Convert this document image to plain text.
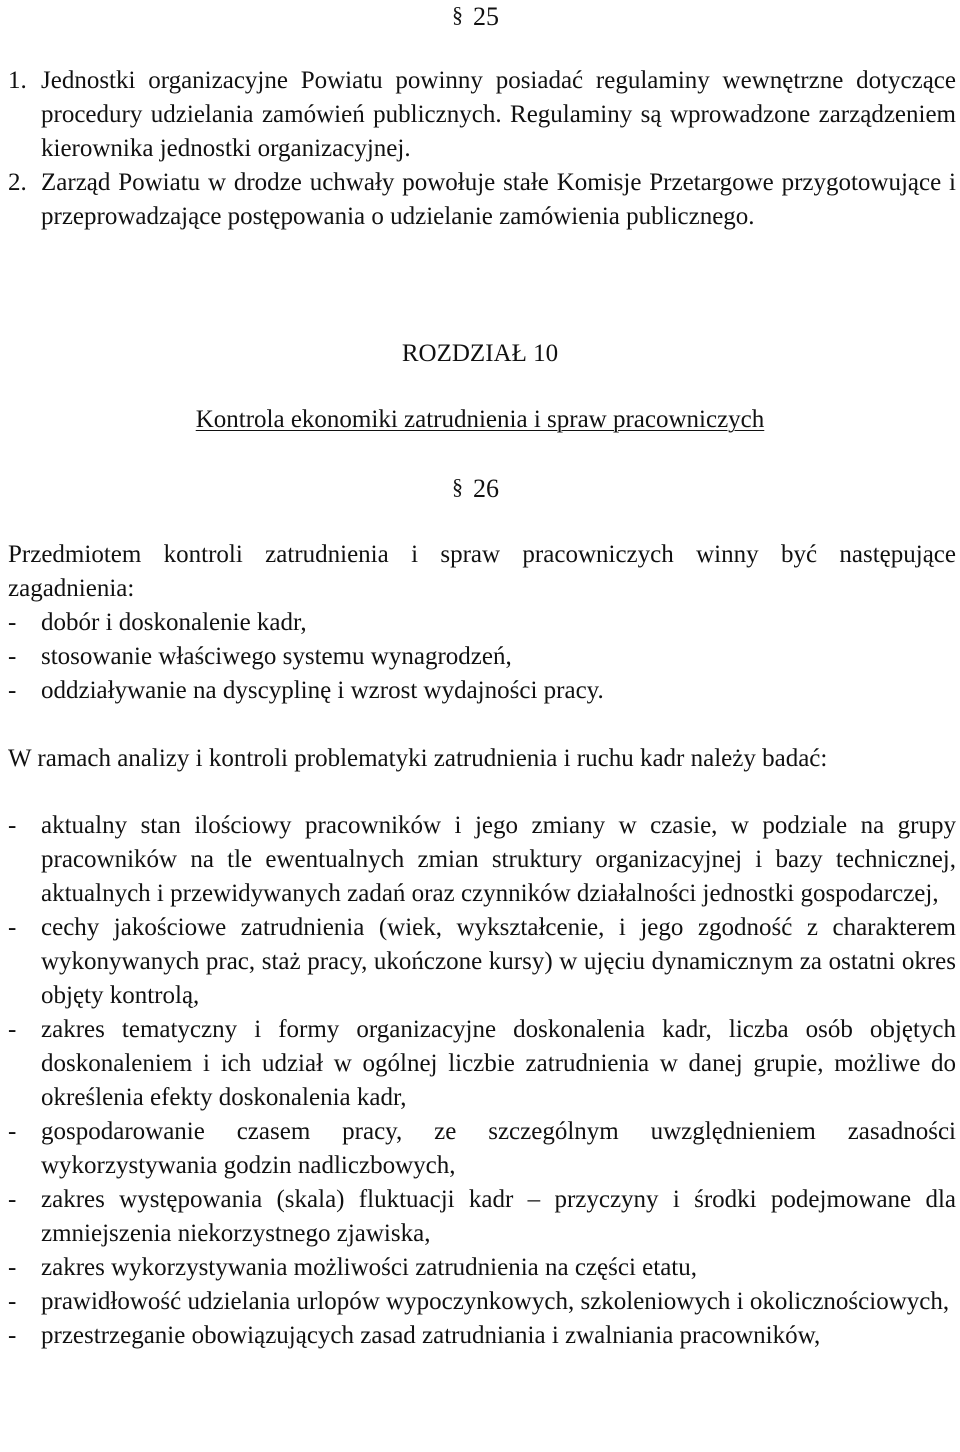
§ 25
1. Jednostki organizacyjne Powiatu powinny posiadać regulaminy wewnętrzne dotyczące procedury udzielania zamówień publicznych. Regulaminy są wprowadzone zarządzeniem kierownika jednostki organizacyjnej.
2. Zarząd Powiatu w drodze uchwały powołuje stałe Komisje Przetargowe przygotowujące i przeprowadzające postępowania o udzielanie zamówienia publicznego.
ROZDZIAŁ 10
Kontrola ekonomiki zatrudnienia i spraw pracowniczych
§ 26

Przedmiotem kontroli zatrudnienia i spraw pracowniczych winny być następujące zagadnienia:

- dobór i doskonalenie kadr,
- stosowanie właściwego systemu wynagrodzeń,
- oddziaływanie na dyscyplinę i wzrost wydajności pracy.

W ramach analizy i kontroli problematyki zatrudnienia i ruchu kadr należy badać:

- aktualny stan ilościowy pracowników i jego zmiany w czasie, w podziale na grupy pracowników na tle ewentualnych zmian struktury organizacyjnej i bazy technicznej, aktualnych i przewidywanych zadań oraz czynników działalności jednostki gospodarczej,
- cechy jakościowe zatrudnienia (wiek, wykształcenie, i jego zgodność z charakterem wykonywanych prac, staż pracy, ukończone kursy) w ujęciu dynamicznym za ostatni okres objęty kontrolą,
- zakres tematyczny i formy organizacyjne doskonalenia kadr, liczba osób objętych doskonaleniem i ich udział w ogólnej liczbie zatrudnienia w danej grupie, możliwe do określenia efekty doskonalenia kadr,
- gospodarowanie czasem pracy, ze szczególnym uwzględnieniem zasadności wykorzystywania godzin nadliczbowych,
- zakres występowania (skala) fluktuacji kadr – przyczyny i środki podejmowane dla zmniejszenia niekorzystnego zjawiska,
- zakres wykorzystywania możliwości zatrudnienia na części etatu,
- prawidłowość udzielania urlopów wypoczynkowych, szkoleniowych i okolicznościowych,
- przestrzeganie obowiązujących zasad zatrudniania i zwalniania pracowników,
